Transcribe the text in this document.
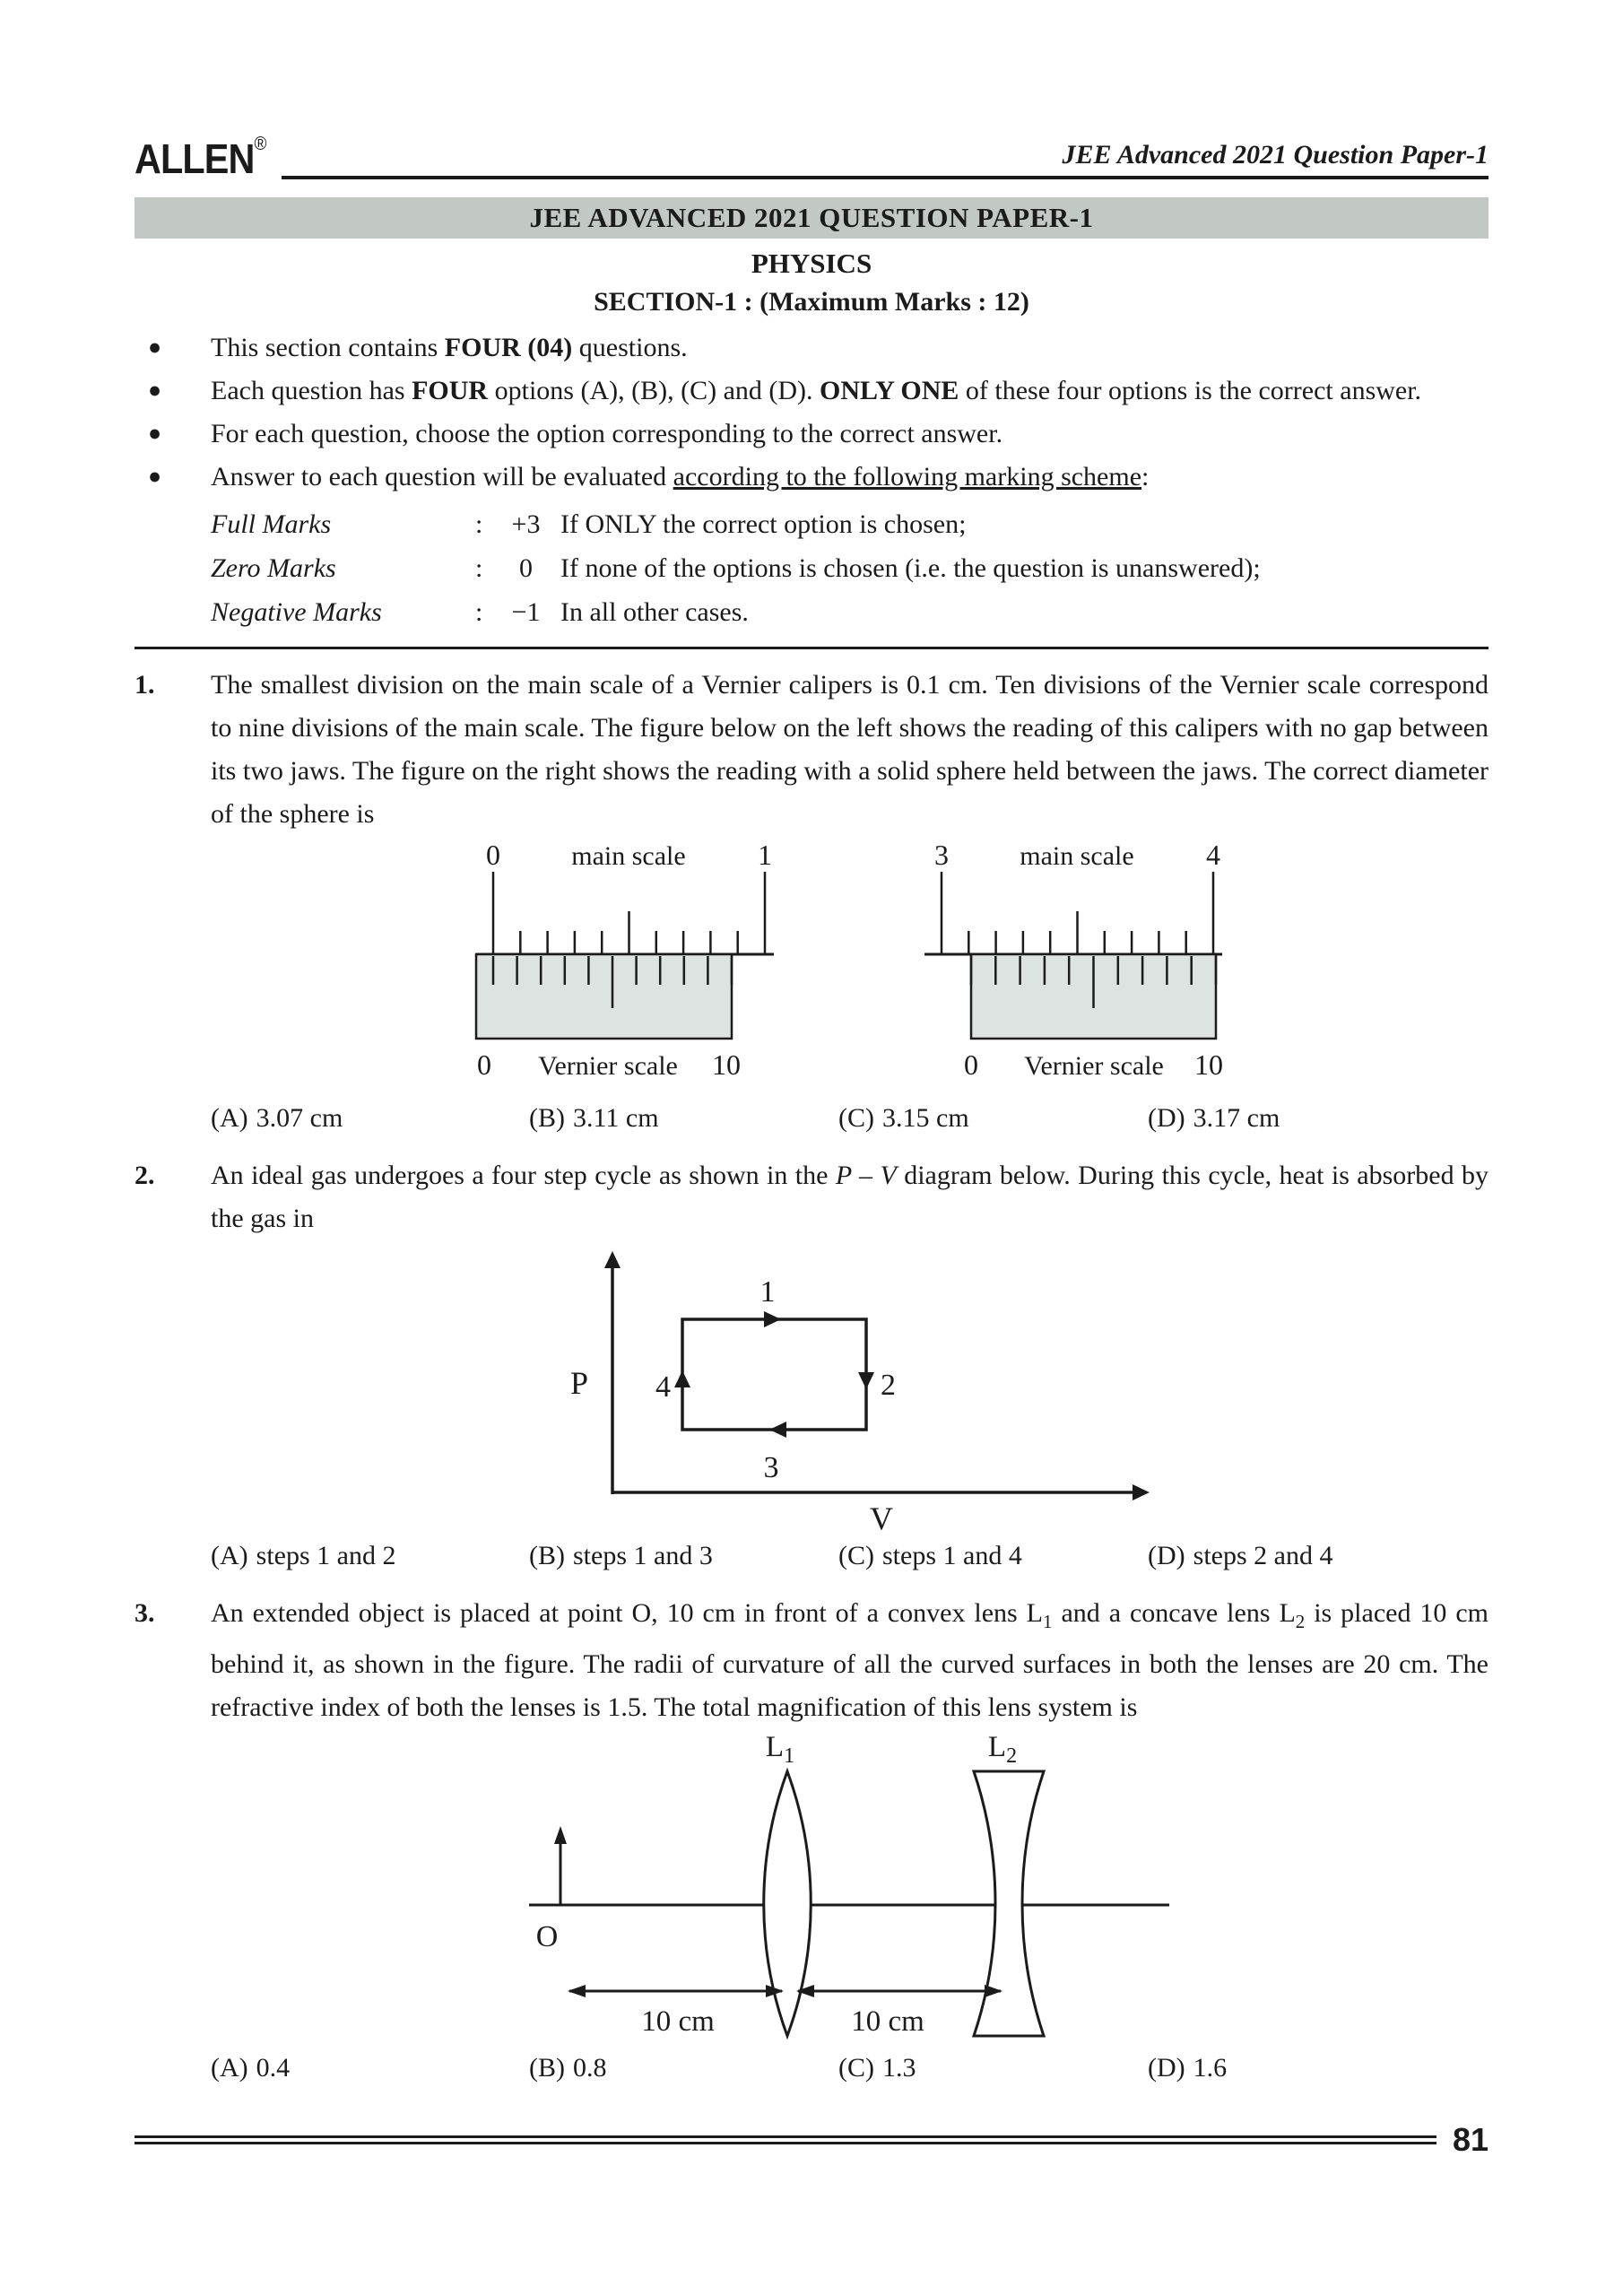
ALLEN®	JEE Advanced 2021 Question Paper-1
JEE ADVANCED 2021 QUESTION PAPER-1
PHYSICS
SECTION-1 : (Maximum Marks : 12)
●	This section contains FOUR (04) questions.
●	Each question has FOUR options (A), (B), (C) and (D). ONLY ONE of these four options is the correct answer.
●	For each question, choose the option corresponding to the correct answer.
●	Answer to each question will be evaluated according to the following marking scheme:
Full Marks	:	+3 If ONLY the correct option is chosen;
Zero Marks	:	0	If none of the options is chosen (i.e. the question is unanswered);
Negative Marks	:	−1 In all other cases.
1.	The smallest division on the main scale of a Vernier calipers is 0.1 cm. Ten divisions of the Vernier scale correspond to nine divisions of the main scale. The figure below on the left shows the reading of this calipers with no gap between its two jaws. The figure on the right shows the reading with a solid sphere held between the jaws. The correct diameter of the sphere is

0	main scale	1
0 Vernier scale 10
3	main scale	4
0 Vernier scale 10
(A) 3.07 cm	(B) 3.11 cm	(C) 3.15 cm	(D) 3.17 cm
2.	An ideal gas undergoes a four step cycle as shown in the P – V diagram below. During this cycle, heat is absorbed by the gas in

1
2
3
4
P
V
(A) steps 1 and 2	(B) steps 1 and 3	(C) steps 1 and 4	(D) steps 2 and 4
3.	An extended object is placed at point O, 10 cm in front of a convex lens $L_1$ and a concave lens $L_2$ is placed 10 cm behind it, as shown in the figure. The radii of curvature of all the curved surfaces in both the lenses are 20 cm. The refractive index of both the lenses is 1.5. The total magnification of this lens system is

O
$L_1$	$L_2$
10 cm	10 cm
(A) 0.4	(B) 0.8	(C) 1.3	(D) 1.6
81
